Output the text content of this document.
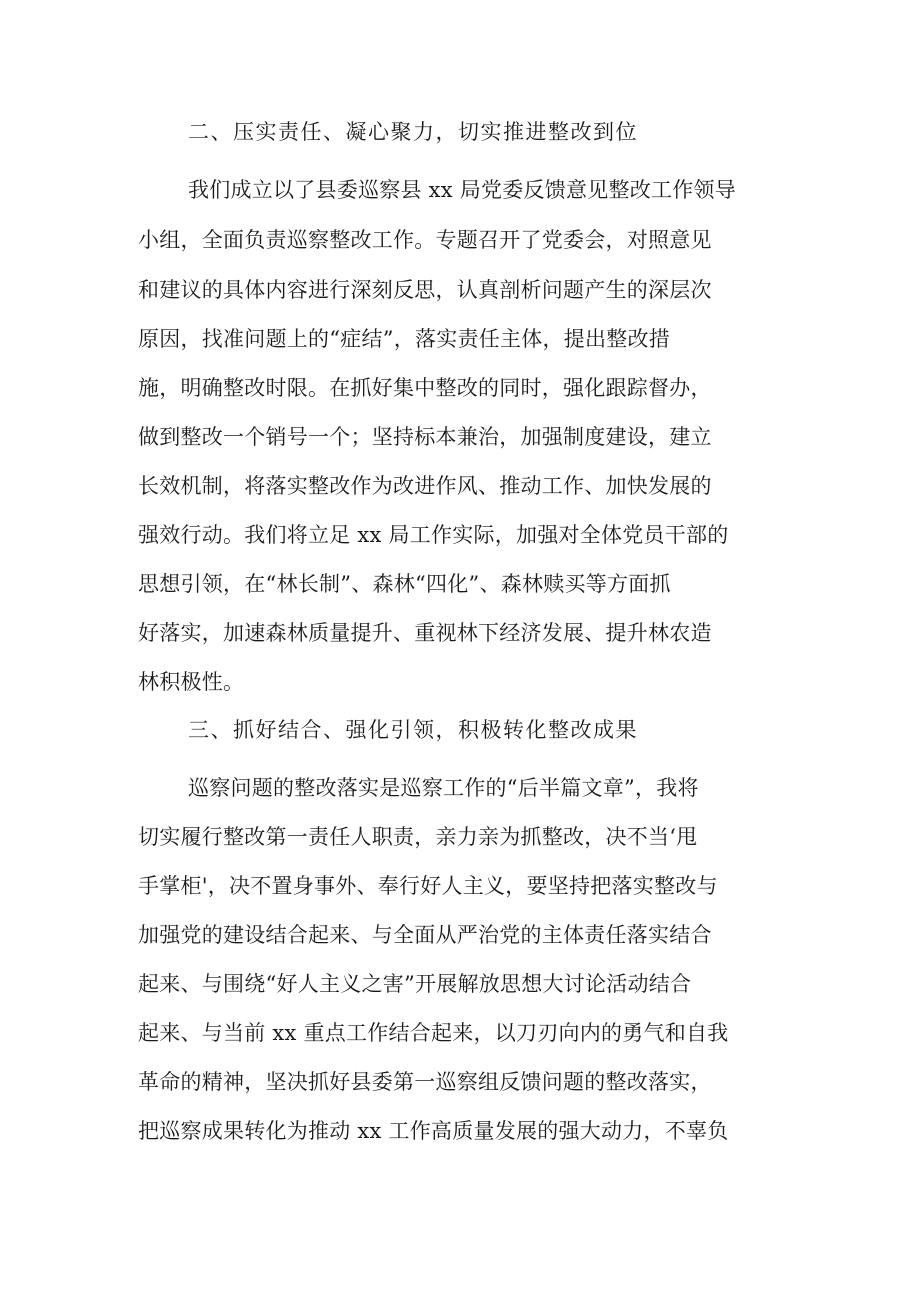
二、压实责任、凝心聚力，切实推进整改到位

我们成立以了县委巡察县 xx 局党委反馈意见整改工作领导

小组，全面负责巡察整改工作。专题召开了党委会，对照意见

和建议的具体内容进行深刻反思，认真剖析问题产生的深层次

原因，找准问题上的“症结”，落实责任主体，提出整改措

施，明确整改时限。在抓好集中整改的同时，强化跟踪督办，

做到整改一个销号一个；坚持标本兼治，加强制度建设，建立

长效机制，将落实整改作为改进作风、推动工作、加快发展的

强效行动。我们将立足 xx 局工作实际，加强对全体党员干部的

思想引领，在“林长制”、森林“四化”、森林赎买等方面抓

好落实，加速森林质量提升、重视林下经济发展、提升林农造

林积极性。

三、抓好结合、强化引领，积极转化整改成果

巡察问题的整改落实是巡察工作的“后半篇文章”，我将

切实履行整改第一责任人职责，亲力亲为抓整改，决不当‘甩

手掌柜'，决不置身事外、奉行好人主义，要坚持把落实整改与

加强党的建设结合起来、与全面从严治党的主体责任落实结合

起来、与围绕“好人主义之害”开展解放思想大讨论活动结合

起来、与当前 xx 重点工作结合起来，以刀刃向内的勇气和自我

革命的精神，坚决抓好县委第一巡察组反馈问题的整改落实，

把巡察成果转化为推动 xx 工作高质量发展的强大动力，不辜负
